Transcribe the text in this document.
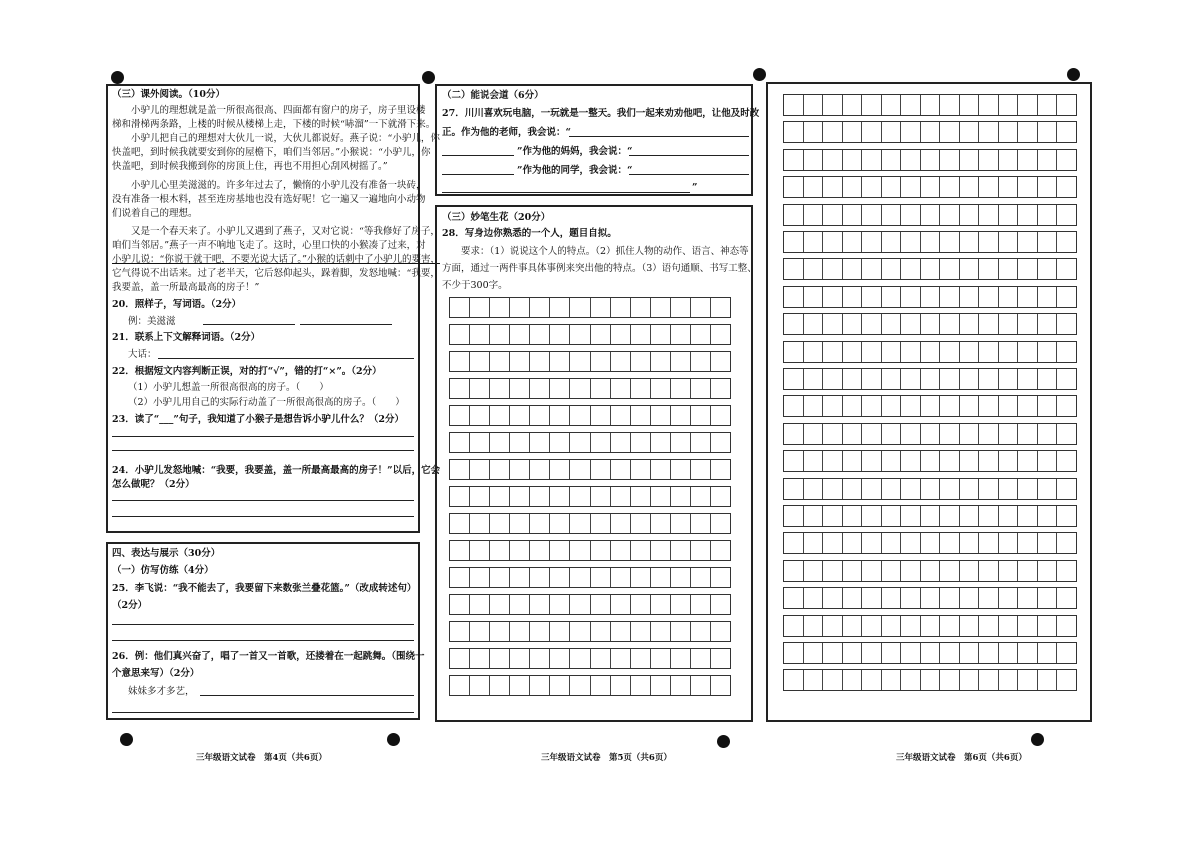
（三）课外阅读。（10分）
　　小驴儿的理想就是盖一所很高很高、四面都有窗户的房子，房子里设楼
梯和滑梯两条路，上楼的时候从楼梯上走，下楼的时候“哧溜”一下就滑下来。
　　小驴儿把自己的理想对大伙儿一说，大伙儿都说好。燕子说：“小驴儿，你
快盖吧，到时候我就要安到你的屋檐下，咱们当邻居。”小猴说：“小驴儿，你
快盖吧，到时候我搬到你的房顶上住，再也不用担心刮风树摇了。”
　　小驴儿心里美滋滋的。许多年过去了，懒惰的小驴儿没有准备一块砖，
没有准备一根木料，甚至连房基地也没有选好呢！它一遍又一遍地向小动物
们说着自己的理想。
　　又是一个春天来了。小驴儿又遇到了燕子，又对它说：“等我修好了房子，
咱们当邻居。”燕子一声不响地飞走了。这时，心里口快的小猴凑了过来，对
小驴儿说：“你说干就干吧，不要光说大话了。”小猴的话刺中了小驴儿的要害，
它气得说不出话来。过了老半天，它后怒仰起头，跺着脚，发怒地喊：“我要，
我要盖，盖一所最高最高的房子！”
20．照样子，写词语。（2分）
例：美滋滋
21．联系上下文解释词语。（2分）
大话：
22．根据短文内容判断正误，对的打“√”，错的打“×”。（2分）
（1）小驴儿想盖一所很高很高的房子。（　　）
（2）小驴儿用自己的实际行动盖了一所很高很高的房子。（　　）
23．读了“___”句子，我知道了小猴子是想告诉小驴儿什么？（2分）
24．小驴儿发怒地喊：“我要，我要盖，盖一所最高最高的房子！”以后，它会
怎么做呢？（2分）
四、表达与展示（30分）
（一）仿写仿练（4分）
25．李飞说：“我不能去了，我要留下来数张兰叠花篮。”（改成转述句）
（2分）
26．例：他们真兴奋了，唱了一首又一首歌，还搂着在一起跳舞。（围绕一
个意思来写）（2分）
妹妹多才多艺，
三年级语文试卷　第4页（共6页）
（二）能说会道（6分）
27．川川喜欢玩电脑，一玩就是一整天。我们一起来劝劝他吧，让他及时改
正。作为他的老师，我会说：“
”作为他的妈妈，我会说：“
”作为他的同学，我会说：“
”
（三）妙笔生花（20分）
28．写身边你熟悉的一个人，题目自拟。
　　要求：（1）说说这个人的特点。（2）抓住人物的动作、语言、神态等
方面，通过一两件事具体事例来突出他的特点。（3）语句通顺、书写工整、
不少于300字。
三年级语文试卷　第5页（共6页）	三年级语文试卷　第6页（共6页）
